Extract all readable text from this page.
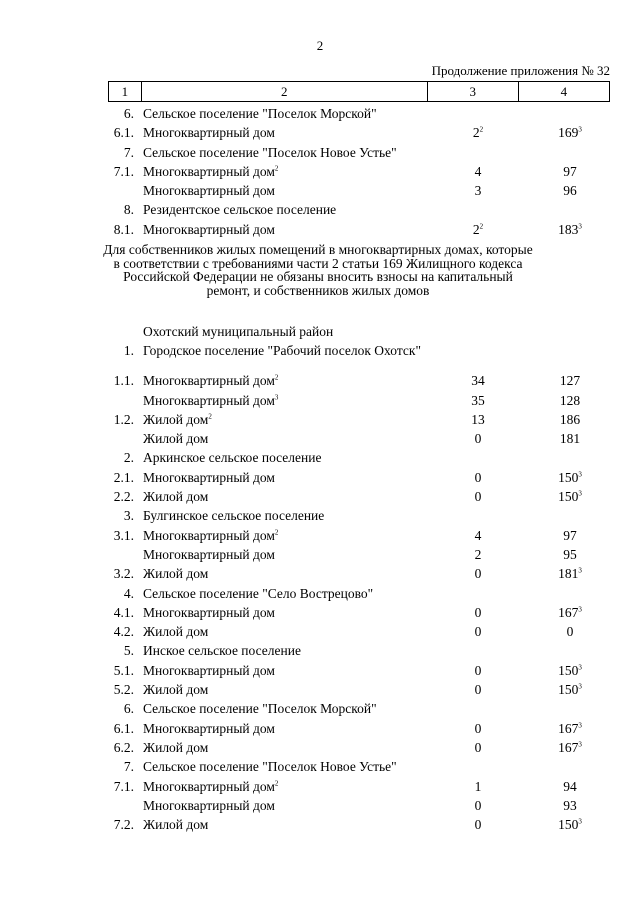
2
Продолжение приложения № 32
1	2	3	4
6. Сельское поселение "Поселок Морской"
6.1. Многоквартирный дом	$2^2$	$169^3$
7. Сельское поселение "Поселок Новое Устье"
7.1. Многоквартирный дом$^2$	4	97
Многоквартирный дом	3	96
8. Резидентское сельское поселение
8.1. Многоквартирный дом	$2^2$	$183^3$
Для собственников жилых помещений в многоквартирных домах, которые в соответствии с требованиями части 2 статьи 169 Жилищного кодекса Российской Федерации не обязаны вносить взносы на капитальный ремонт, и собственников жилых домов
Охотский муниципальный район
1. Городское поселение "Рабочий поселок Охотск"
1.1. Многоквартирный дом$^2$	34	127
Многоквартирный дом$^3$	35	128
1.2. Жилой дом$^2$	13	186
Жилой дом	0	181
2. Аркинское сельское поселение
2.1. Многоквартирный дом	0	$150^3$
2.2. Жилой дом	0	$150^3$
3. Булгинское сельское поселение
3.1. Многоквартирный дом$^2$	4	97
Многоквартирный дом	2	95
3.2. Жилой дом	0	$181^3$
4. Сельское поселение "Село Вострецово"
4.1. Многоквартирный дом	0	$167^3$
4.2. Жилой дом	0	0
5. Инское сельское поселение
5.1. Многоквартирный дом	0	$150^3$
5.2. Жилой дом	0	$150^3$
6. Сельское поселение "Поселок Морской"
6.1. Многоквартирный дом	0	$167^3$
6.2. Жилой дом	0	$167^3$
7. Сельское поселение "Поселок Новое Устье"
7.1. Многоквартирный дом$^2$	1	94
Многоквартирный дом	0	93
7.2. Жилой дом	0	$150^3$
